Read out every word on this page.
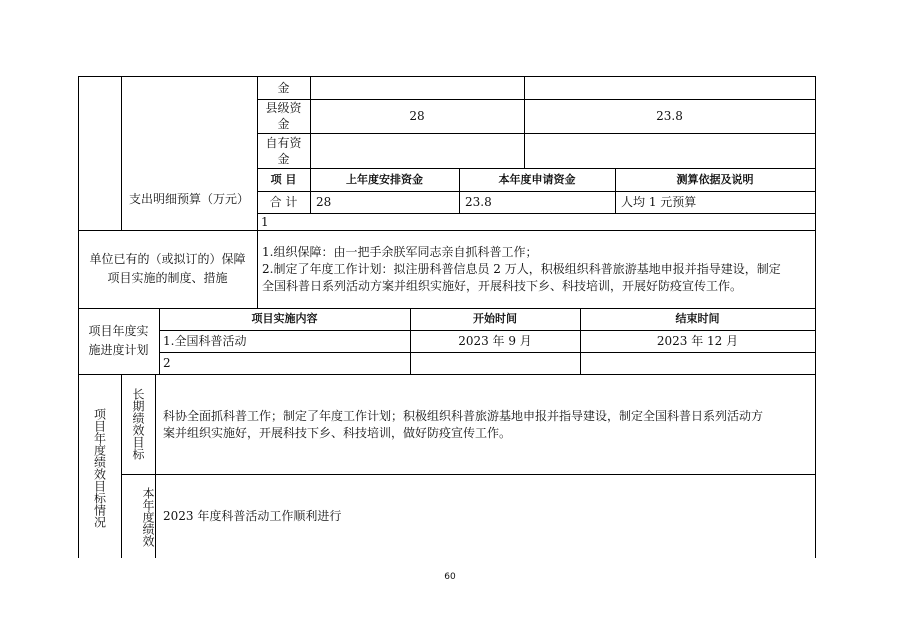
金
县级资
金
28	23.8
自有资
金
支出明细预算（万元）
项 目	上年度安排资金	本年度申请资金	测算依据及说明
合 计	28	23.8	人均 1 元预算
1
单位已有的（或拟订的）保障
项目实施的制度、措施
1.组织保障：由一把手余朕军同志亲自抓科普工作；
2.制定了年度工作计划：拟注册科普信息员 2 万人，积极组织科普旅游基地申报并指导建设，制定
全国科普日系列活动方案并组织实施好，开展科技下乡、科技培训，开展好防疫宣传工作。
项目年度实
施进度计划
项目实施内容	开始时间	结束时间
1.全国科普活动	2023 年 9 月	2023 年 12 月
2
项目年度绩效目标情况	长期绩效目标	科协全面抓科普工作；制定了年度工作计划；积极组织科普旅游基地申报并指导建设，制定全国科普日系列活动方
案并组织实施好，开展科技下乡、科技培训，做好防疫宣传工作。
本年度绩效 2023 年度科普活动工作顺利进行
60
